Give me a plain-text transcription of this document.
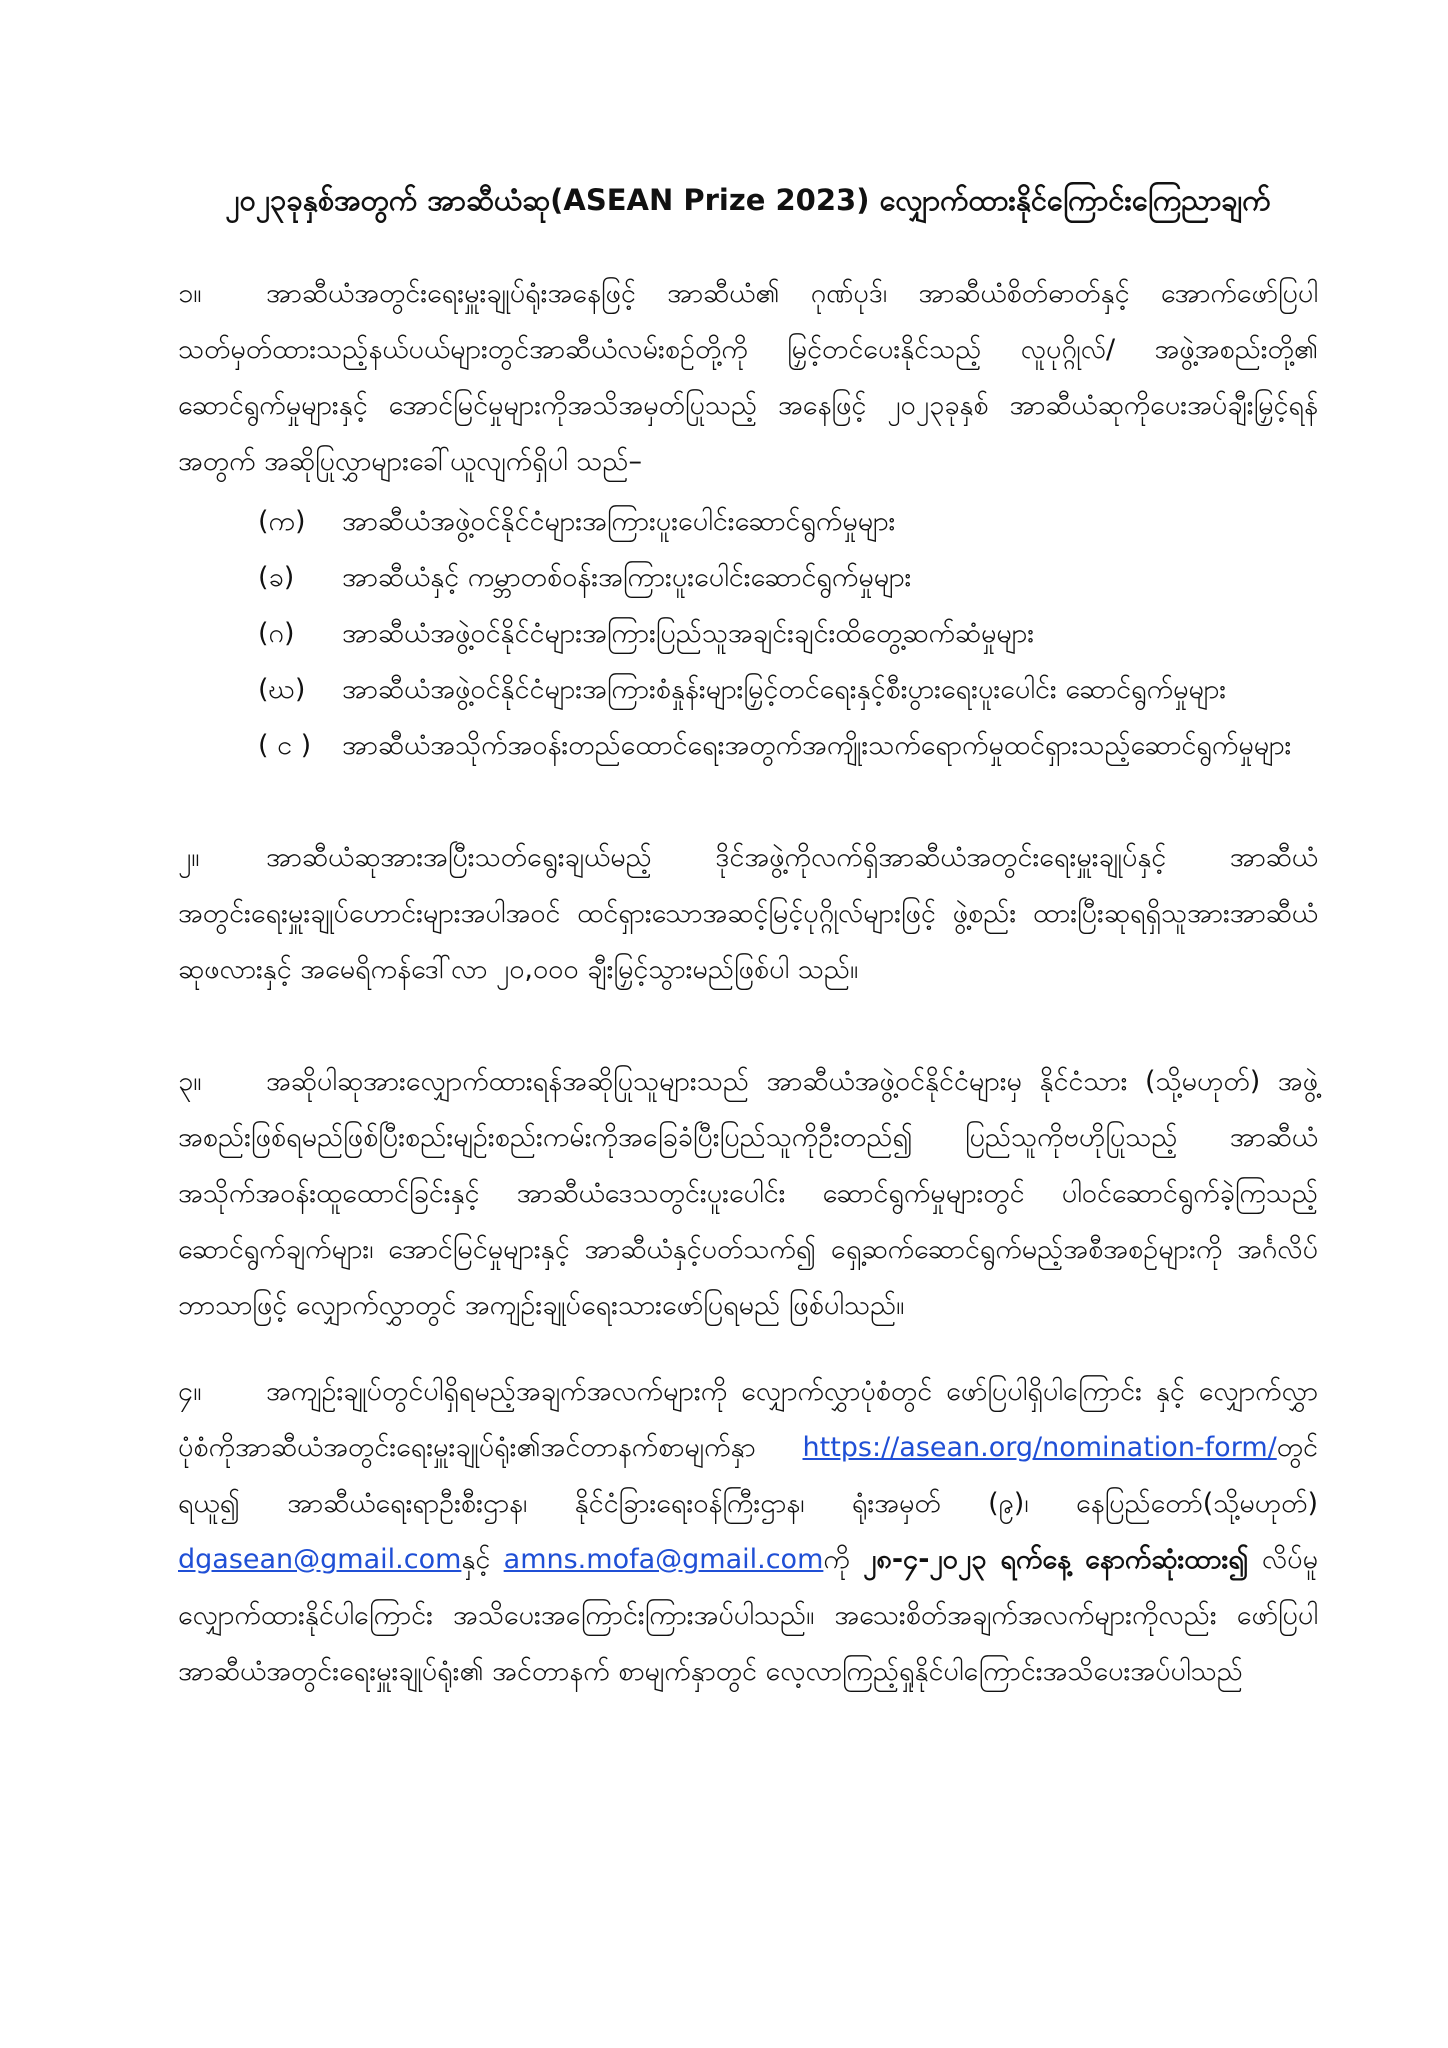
၂၀၂၃ခုနှစ်အတွက် အာဆီယံဆု(ASEAN Prize 2023) လျှောက်ထားနိုင်ကြောင်းကြေညာချက်

၁။ အာဆီယံအတွင်းရေးမှူးချုပ်ရုံးအနေဖြင့် အာဆီယံ၏ ဂုဏ်ပုဒ်၊ အာဆီယံစိတ်ဓာတ်နှင့် အောက်ဖော်ပြပါသတ်မှတ်ထားသည့်နယ်ပယ်များတွင်အာဆီယံလမ်းစဉ်တို့ကို မြှင့်တင်ပေးနိုင်သည့် လူပုဂ္ဂိုလ်/ အဖွဲ့အစည်းတို့၏ ဆောင်ရွက်မှုများနှင့် အောင်မြင်မှုများကိုအသိအမှတ်ပြုသည့် အနေဖြင့် ၂၀၂၃ခုနှစ် အာဆီယံဆုကိုပေးအပ်ချီးမြှင့်ရန်အတွက် အဆိုပြုလွှာများခေါ်ယူလျက်ရှိပါ သည်–

(က)	အာဆီယံအဖွဲ့ဝင်နိုင်ငံများအကြားပူးပေါင်းဆောင်ရွက်မှုများ
(ခ)	အာဆီယံနှင့် ကမ္ဘာတစ်ဝန်းအကြားပူးပေါင်းဆောင်ရွက်မှုများ
(ဂ)	အာဆီယံအဖွဲ့ဝင်နိုင်ငံများအကြားပြည်သူအချင်းချင်းထိတွေ့ဆက်ဆံမှုများ
(ဃ)	အာဆီယံအဖွဲ့ဝင်နိုင်ငံများအကြားစံနှုန်းများမြှင့်တင်ရေးနှင့်စီးပွားရေးပူးပေါင်း ဆောင်ရွက်မှုများ
( င )	အာဆီယံအသိုက်အဝန်းတည်ထောင်ရေးအတွက်အကျိုးသက်ရောက်မှုထင်ရှားသည့်ဆောင်ရွက်မှုများ

၂။ အာဆီယံဆုအားအပြီးသတ်ရွေးချယ်မည့် ဒိုင်အဖွဲ့ကိုလက်ရှိအာဆီယံအတွင်းရေးမှူးချုပ်နှင့် အာဆီယံအတွင်းရေးမှူးချုပ်ဟောင်းများအပါအဝင် ထင်ရှားသောအဆင့်မြင့်ပုဂ္ဂိုလ်များဖြင့် ဖွဲ့စည်း ထားပြီးဆုရရှိသူအားအာဆီယံဆုဖလားနှင့် အမေရိကန်ဒေါ်လာ ၂၀,၀၀၀ ချီးမြှင့်သွားမည်ဖြစ်ပါ သည်။

၃။ အဆိုပါဆုအားလျှောက်ထားရန်အဆိုပြုသူများသည် အာဆီယံအဖွဲ့ဝင်နိုင်ငံများမှ နိုင်ငံသား (သို့မဟုတ်) အဖွဲ့အစည်းဖြစ်ရမည်ဖြစ်ပြီးစည်းမျဉ်းစည်းကမ်းကိုအခြေခံပြီးပြည်သူကိုဦးတည်၍ ပြည်သူကိုဗဟိုပြုသည့် အာဆီယံအသိုက်အဝန်းထူထောင်ခြင်းနှင့် အာဆီယံဒေသတွင်းပူးပေါင်း ဆောင်ရွက်မှုများတွင် ပါဝင်ဆောင်ရွက်ခဲ့ကြသည့် ဆောင်ရွက်ချက်များ၊ အောင်မြင်မှုများနှင့် အာဆီယံနှင့်ပတ်သက်၍ ရှေ့ဆက်ဆောင်ရွက်မည့်အစီအစဉ်များကို အင်္ဂလိပ်ဘာသာဖြင့် လျှောက်လွှာတွင် အကျဉ်းချုပ်ရေးသားဖော်ပြရမည် ဖြစ်ပါသည်။

၄။ အကျဉ်းချုပ်တွင်ပါရှိရမည့်အချက်အလက်များကို လျှောက်လွှာပုံစံတွင် ဖော်ပြပါရှိပါကြောင်း နှင့် လျှောက်လွှာပုံစံကိုအာဆီယံအတွင်းရေးမှူးချုပ်ရုံး၏အင်တာနက်စာမျက်နှာ https://asean.org/nomination-form/တွင်ရယူ၍ အာဆီယံရေးရာဦးစီးဌာန၊ နိုင်ငံခြားရေးဝန်ကြီးဌာန၊ ရုံးအမှတ် (၉)၊ နေပြည်တော်(သို့မဟုတ်) dgasean@gmail.comနှင့် amns.mofa@gmail.comကို ၂၈-၄-၂၀၂၃ ရက်နေ့ နောက်ဆုံးထား၍ လိပ်မူလျှောက်ထားနိုင်ပါကြောင်း အသိပေးအကြောင်းကြားအပ်ပါသည်။ အသေးစိတ်အချက်အလက်များကိုလည်း ဖော်ပြပါအာဆီယံအတွင်းရေးမှူးချုပ်ရုံး၏ အင်တာနက် စာမျက်နှာတွင် လေ့လာကြည့်ရှုနိုင်ပါကြောင်းအသိပေးအပ်ပါသည်
